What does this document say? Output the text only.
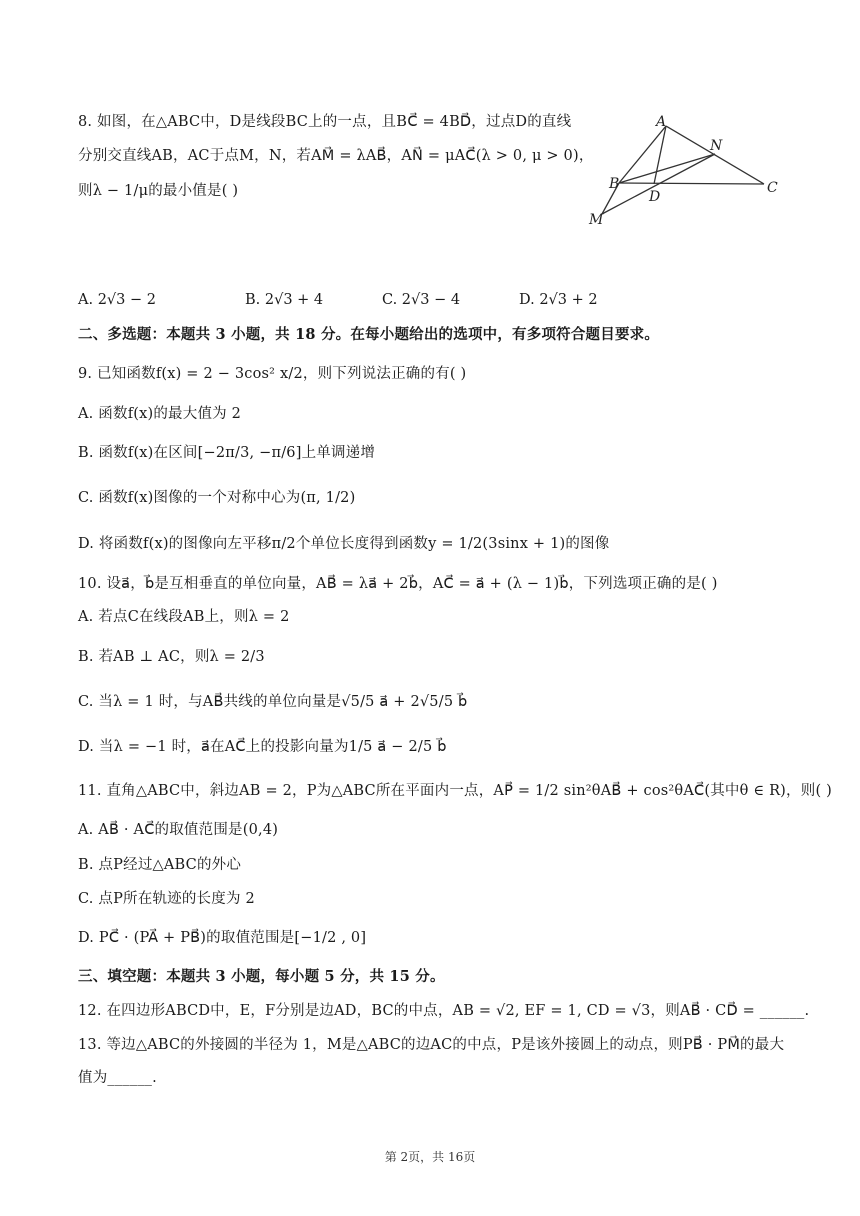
8. 如图，在△ABC中，D是线段BC上的一点，且BC⃗ = 4BD⃗，过点D的直线
分别交直线AB，AC于点M，N，若AM⃗ = λAB⃗，AN⃗ = μAC⃗(λ > 0, μ > 0)，
则λ − 1/μ的最小值是( )
A
B	C
D
M
N
A. 2√3 − 2	B. 2√3 + 4	C. 2√3 − 4	D. 2√3 + 2
二、多选题：本题共 3 小题，共 18 分。在每小题给出的选项中，有多项符合题目要求。
9. 已知函数f(x) = 2 − 3cos² x/2，则下列说法正确的有( )
A. 函数f(x)的最大值为 2
B. 函数f(x)在区间[−2π/3, −π/6]上单调递增
C. 函数f(x)图像的一个对称中心为(π, 1/2)
D. 将函数f(x)的图像向左平移π/2个单位长度得到函数y = 1/2(3sinx + 1)的图像
10. 设a⃗，b⃗是互相垂直的单位向量，AB⃗ = λa⃗ + 2b⃗，AC⃗ = a⃗ + (λ − 1)b⃗，下列选项正确的是( )
A. 若点C在线段AB上，则λ = 2
B. 若AB ⊥ AC，则λ = 2/3
C. 当λ = 1 时，与AB⃗共线的单位向量是√5/5 a⃗ + 2√5/5 b⃗
D. 当λ = −1 时，a⃗在AC⃗上的投影向量为1/5 a⃗ − 2/5 b⃗
11. 直角△ABC中，斜边AB = 2，P为△ABC所在平面内一点，AP⃗ = 1/2 sin²θAB⃗ + cos²θAC⃗(其中θ ∈ R)，则( )
A. AB⃗ · AC⃗的取值范围是(0,4)
B. 点P经过△ABC的外心
C. 点P所在轨迹的长度为 2
D. PC⃗ · (PA⃗ + PB⃗)的取值范围是[−1/2 , 0]
三、填空题：本题共 3 小题，每小题 5 分，共 15 分。
12. 在四边形ABCD中，E，F分别是边AD，BC的中点，AB = √2, EF = 1, CD = √3，则AB⃗ · CD⃗ = ______.
13. 等边△ABC的外接圆的半径为 1，M是△ABC的边AC的中点，P是该外接圆上的动点，则PB⃗ · PM⃗的最大
值为______.
第 2页，共 16页
